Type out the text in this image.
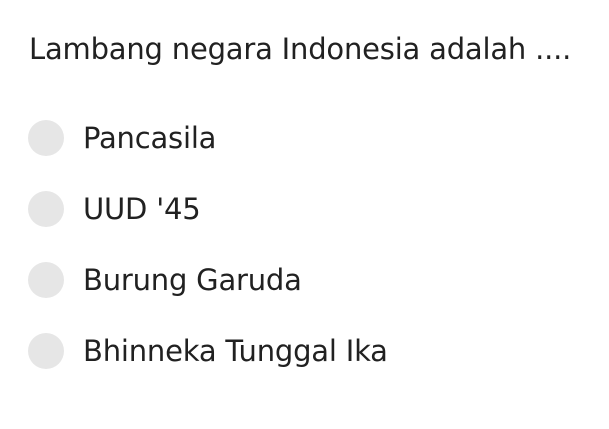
Lambang negara Indonesia adalah ....
Pancasila
UUD '45
Burung Garuda
Bhinneka Tunggal Ika
